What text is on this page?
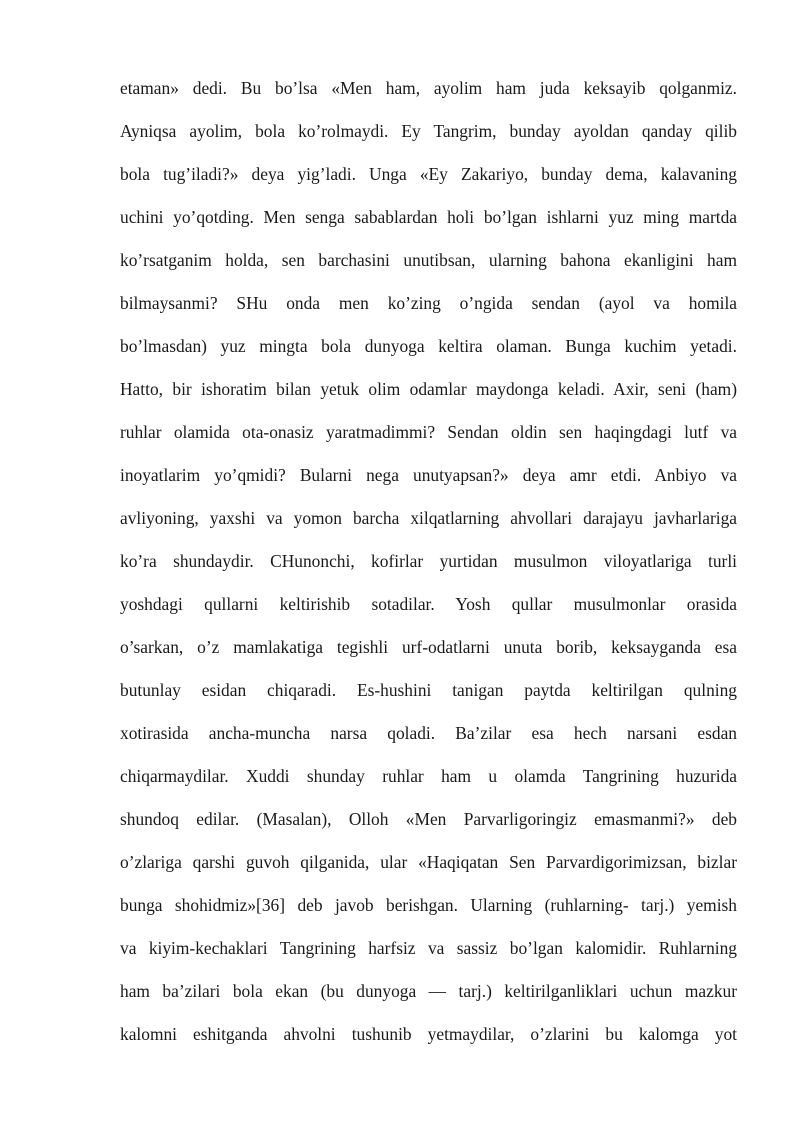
etaman» dedi. Bu bo’lsa «Men ham, ayolim ham juda keksayib qolganmiz.
Ayniqsa ayolim, bola ko’rolmaydi. Ey Tangrim, bunday ayoldan qanday qilib
bola tug’iladi?» deya yig’ladi. Unga «Ey Zakariyo, bunday dema, kalavaning
uchini yo’qotding. Men senga sabablardan holi bo’lgan ishlarni yuz ming martda
ko’rsatganim holda, sen barchasini unutibsan, ularning bahona ekanligini ham
bilmaysanmi? SHu onda men ko’zing o’ngida sendan (ayol va homila
bo’lmasdan) yuz mingta bola dunyoga keltira olaman. Bunga kuchim yetadi.
Hatto, bir ishoratim bilan yetuk olim odamlar maydonga keladi. Axir, seni (ham)
ruhlar olamida ota-onasiz yaratmadimmi? Sendan oldin sen haqingdagi lutf va
inoyatlarim yo’qmidi? Bularni nega unutyapsan?» deya amr etdi. Anbiyo va
avliyoning, yaxshi va yomon barcha xilqatlarning ahvollari darajayu javharlariga
ko’ra shundaydir. CHunonchi, kofirlar yurtidan musulmon viloyatlariga turli
yoshdagi qullarni keltirishib sotadilar. Yosh qullar musulmonlar orasida
o’sarkan, o’z mamlakatiga tegishli urf-odatlarni unuta borib, keksayganda esa
butunlay esidan chiqaradi. Es-hushini tanigan paytda keltirilgan qulning
xotirasida ancha-muncha narsa qoladi. Ba’zilar esa hech narsani esdan
chiqarmaydilar. Xuddi shunday ruhlar ham u olamda Tangrining huzurida
shundoq edilar. (Masalan), Olloh «Men Parvarligoringiz emasmanmi?» deb
o’zlariga qarshi guvoh qilganida, ular «Haqiqatan Sen Parvardigorimizsan, bizlar
bunga shohidmiz»[36] deb javob berishgan. Ularning (ruhlarning- tarj.) yemish
va kiyim-kechaklari Tangrining harfsiz va sassiz bo’lgan kalomidir. Ruhlarning
ham ba’zilari bola ekan (bu dunyoga — tarj.) keltirilganliklari uchun mazkur
kalomni eshitganda ahvolni tushunib yetmaydilar, o’zlarini bu kalomga yot
